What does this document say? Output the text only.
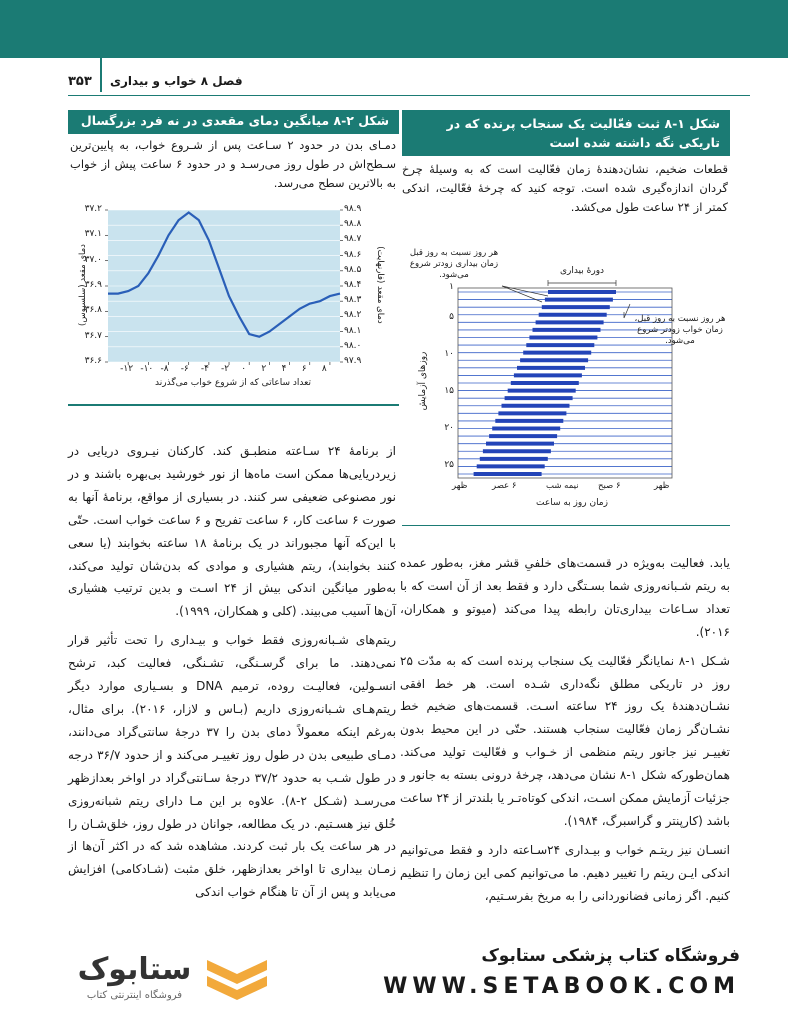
۳۵۳ فصل ۸ خواب و بیداری
شکل ۱-۸ ثبت فعّالیت یک سنجاب پرنده که در تاریکی نگه داشته شده است
قطعات ضخیم، نشان‌دهندهٔ زمان فعّالیت است که به وسیلهٔ چرخ گردان اندازه‌گیری شده است. توجه کنید که چرخهٔ فعّالیت، اندکی کمتر از ۲۴ ساعت طول می‌کشد.
هر روز نسبت به روز قبل زمان بیداری زودتر شروع می‌شود.
هر روز نسبت به روز قبل، زمان خواب زودتر شروع می‌شود.
دورهٔ بیداری
روزهای آزمایش
۱
۵
۱۰
۱۵
۲۰
۲۵
ظهر	۶ عصر	نیمه شب ۶ صبح	ظهر
زمان روز به ساعت
شکل ۲-۸ میانگین دمای مقعدی در نه فرد بزرگسال
دمـای بدن در حدود ۲ سـاعت پس از شـروع خواب، به پایین‌ترین سـطح‌اش در طول روز می‌رسـد و در حدود ۶ ساعت پیش از خواب به بالاترین سطح می‌رسد.
۳۷.۲
۳۷.۱
۳۷.۰
۳۶.۹
۳۶.۸
۳۶.۷
۳۶.۶
۹۸.۹
۹۸.۸
۹۸.۷
۹۸.۶
۹۸.۵
۹۸.۴
۹۸.۳
۹۸.۲
۹۸.۱
۹۸.۰
۹۷.۹
-۱۲ -۱۰ -۸ -۶ -۴ -۲ ۰ ۲ ۴ ۶ ۸
دمای مقعد (سلسیوس)	دمای مقعد (فارنهایت)
تعداد ساعاتی که از شروع خواب می‌گذرند

یابد. فعالیت به‌ویژه در قسمت‌های خلفیِ قشر مغز، به‌طور عمده به ریتم شـبانه‌روزی شما بسـتگی دارد و فقط بعد از آن است که با تعداد سـاعات بیداری‌تان رابطه پیدا می‌کند (میوتو و همکاران، ۲۰۱۶).

شـکل ۱-۸ نمایانگر فعّالیت یک سنجاب پرنده است که به مدّت ۲۵ روز در تاریکی مطلق نگه‌داری شـده است. هر خط افقی نشـان‌دهندهٔ یک روز ۲۴ ساعته اسـت. قسمت‌های ضخیم خط نشـان‌گر زمان فعّالیت سنجاب هستند. حتّی در این محیط بدون تغییـر نیز جانور ریتم منظمی از خـواب و فعّالیت تولید می‌کند. همان‌طورکه شکل ۱-۸ نشان می‌دهد، چرخهٔ درونی بسته به جانور و جزئیات آزمایش ممکن اسـت، اندکی کوتاه‌تـر یا بلندتر از ۲۴ ساعت باشد (کارپنتر و گراسبرگ، ۱۹۸۴).

انسـان نیز ریتـم خواب و بیـداری ۲۴سـاعته دارد و فقط می‌توانیم اندکی ایـن ریتم را تغییر دهیم. ما می‌توانیم کمی این زمان را تنظیم کنیم. اگر زمانی فضانوردانی را به مریخ بفرسـتیم،

از برنامهٔ ۲۴ سـاعته منطبـق کند. کارکنان نیـروی دریایی در زیردریایی‌ها ممکن است ماه‌ها از نور خورشید بی‌بهره باشند و در نور مصنوعی ضعیفی سر کنند. در بسیاری از مواقع، برنامهٔ آنها به صورت ۶ ساعت کار، ۶ ساعت تفریح و ۶ ساعت خواب است. حتّی با این‌که آنها مجبوراند در یک برنامهٔ ۱۸ ساعته بخوابند (یا سعی کنند بخوابند)، ریتم هشیاری و موادی که بدن‌شان تولید می‌کند، به‌طور میانگین اندکی بیش از ۲۴ اسـت و بدین ترتیب هشیاری آن‌ها آسیب می‌بیند. (کلی و همکاران، ۱۹۹۹).

ریتم‌های شـبانه‌روزی فقط خواب و بیـداری را تحت تأثیر قرار نمی‌دهند. ما برای گرسـنگی، تشـنگی، فعالیت کبد، ترشح انسـولین، فعالیـت روده، ترمیم DNA و بسـیاری موارد دیگر ریتم‌هـای شـبانه‌روزی داریم (بـاس و لازار، ۲۰۱۶). برای مثال، به‌رغم اینکه معمولاً دمای بدن را ۳۷ درجهٔ سانتی‌گراد می‌دانند، دمـای طبیعی بدن در طول روز تغییـر می‌کند و از حدود ۳۶/۷ درجه در طول شـب به حدود ۳۷/۲ درجهٔ سـانتی‌گراد در اواخر بعدازظهر می‌رسـد (شـکل ۲-۸). علاوه بر این مـا دارای ریتم شبانه‌روزی خُلق نیز هسـتیم. در یک مطالعه، جوانان در طول روز، خلق‌شـان را در هر ساعت یک بار ثبت کردند. مشاهده شد که در اکثر آن‌ها از زمـان بیداری تا اواخر بعدازظهر، خلق مثبت (شـادکامی) افزایش می‌یابد و پس از آن تا هنگام خواب اندکی

فروشگاه کتاب پزشکی ستابوک
WWW.SETABOOK.COM
ستابوک
فروشگاه اینترنتی کتاب
